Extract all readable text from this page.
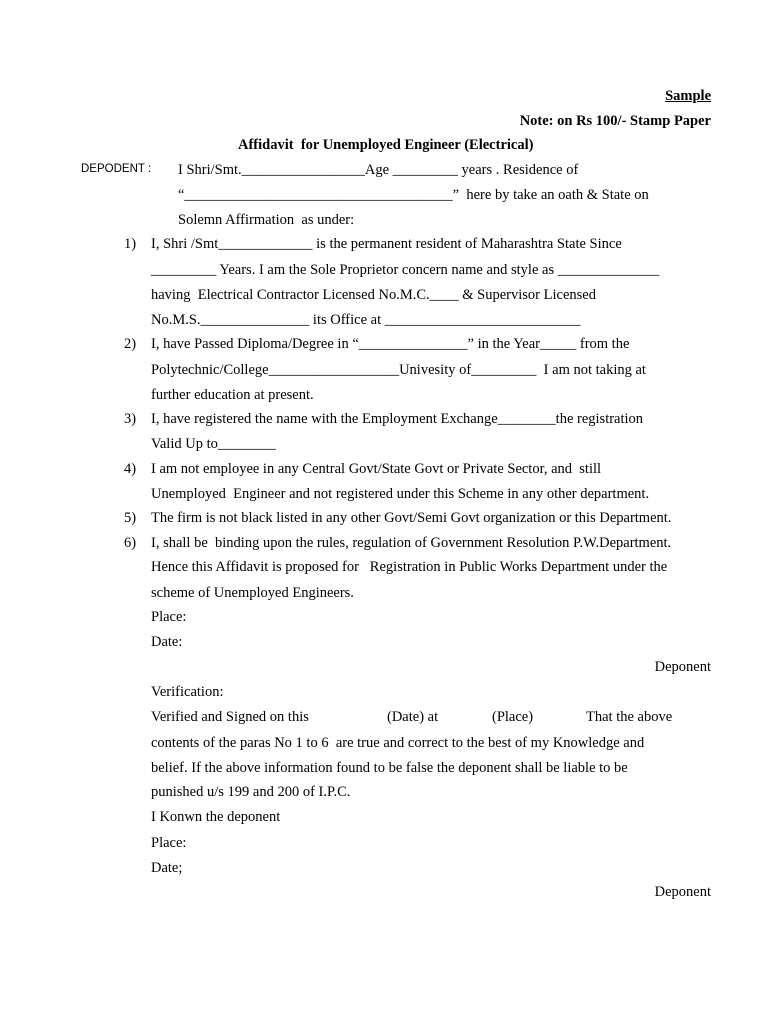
Sample
Note: on Rs 100/- Stamp Paper
Affidavit  for Unemployed Engineer (Electrical)
DEPODENT : I Shri/Smt._________________Age _________ years . Residence of
“_____________________________________”  here by take an oath & State on
Solemn Affirmation  as under:
1) I, Shri /Smt_____________ is the permanent resident of Maharashtra State Since
_________ Years. I am the Sole Proprietor concern name and style as ______________
having  Electrical Contractor Licensed No.M.C.____ & Supervisor Licensed
No.M.S._______________ its Office at ___________________________
2) I, have Passed Diploma/Degree in “_______________” in the Year_____ from the
Polytechnic/College__________________Univesity of_________  I am not taking at
further education at present.
3) I, have registered the name with the Employment Exchange________the registration
Valid Up to________
4) I am not employee in any Central Govt/State Govt or Private Sector, and  still
Unemployed  Engineer and not registered under this Scheme in any other department.
5) The firm is not black listed in any other Govt/Semi Govt organization or this Department.
6) I, shall be  binding upon the rules, regulation of Government Resolution P.W.Department.
Hence this Affidavit is proposed for   Registration in Public Works Department under the
scheme of Unemployed Engineers.
Place:
Date:
Deponent
Verification:
Verified and Signed on this	(Date) at	(Place)	That the above
contents of the paras No 1 to 6  are true and correct to the best of my Knowledge and
belief. If the above information found to be false the deponent shall be liable to be
punished u/s 199 and 200 of I.P.C.
I Konwn the deponent
Place:
Date;
Deponent
